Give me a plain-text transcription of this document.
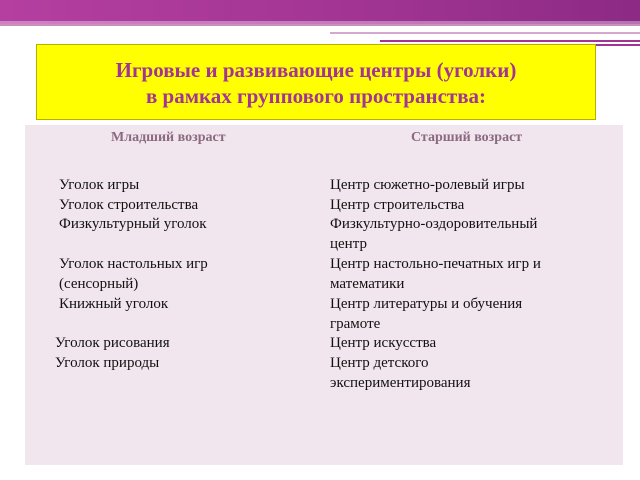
Игровые и развивающие центры (уголки)
в рамках группового пространства:
Младший возраст	Старший возраст
Уголок игры
Уголок строительства
Физкультурный уголок
Уголок настольных игр
(сенсорный)
Книжный уголок
Уголок рисования
Уголок природы
Центр сюжетно-ролевый игры
Центр строительства
Физкультурно-оздоровительный
центр
Центр настольно-печатных игр и
математики
Центр литературы и обучения
грамоте
Центр искусства
Центр детского
экспериментирования
